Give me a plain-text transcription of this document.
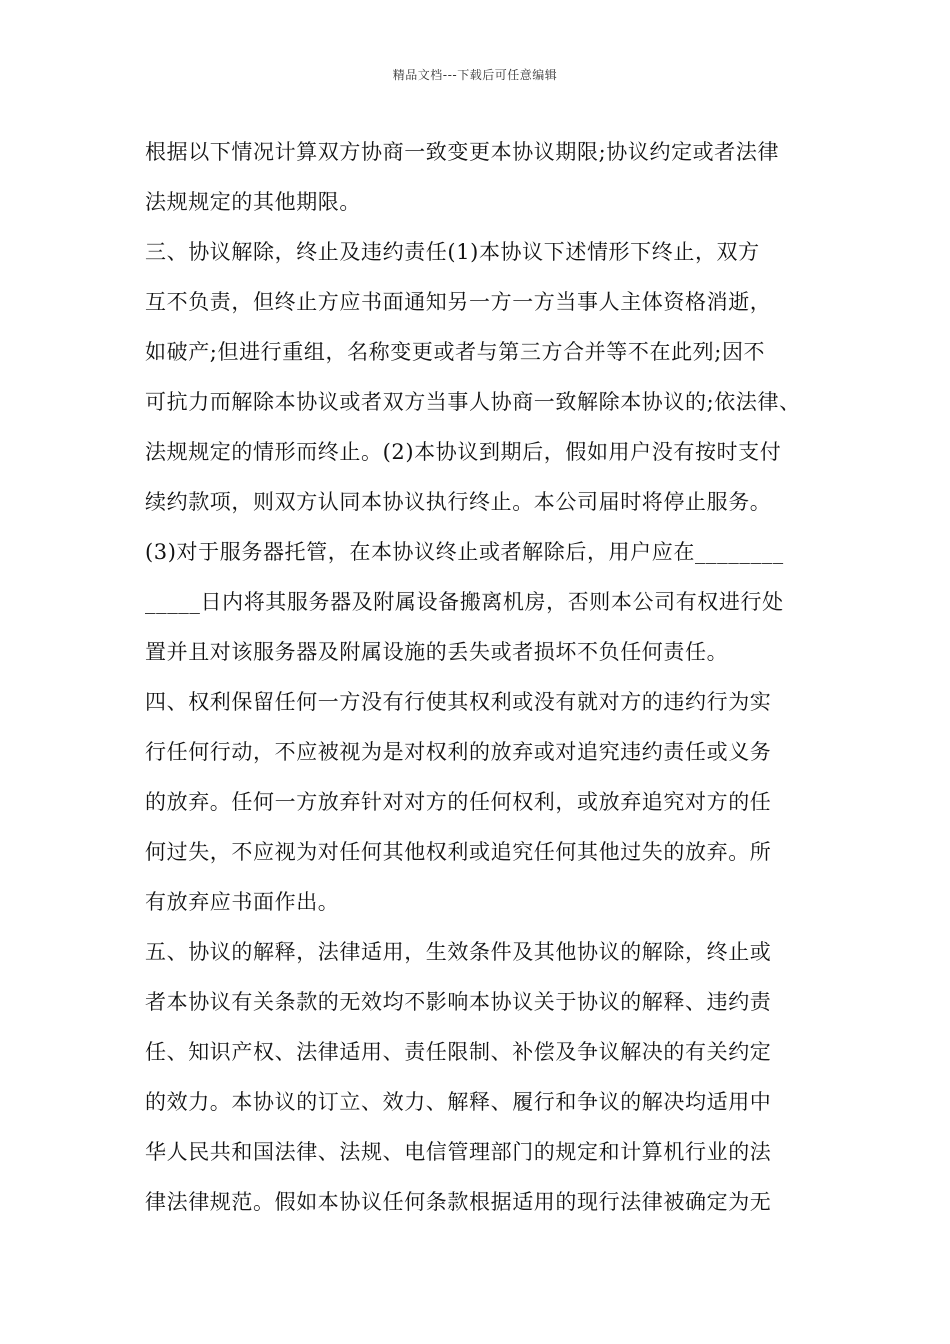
精品文档---下载后可任意编辑
根据以下情况计算双方协商一致变更本协议期限;协议约定或者法律
法规规定的其他期限。
三、协议解除，终止及违约责任(1)本协议下述情形下终止，双方
互不负责，但终止方应书面通知另一方一方当事人主体资格消逝，
如破产;但进行重组，名称变更或者与第三方合并等不在此列;因不
可抗力而解除本协议或者双方当事人协商一致解除本协议的;依法律、
法规规定的情形而终止。(2)本协议到期后，假如用户没有按时支付
续约款项，则双方认同本协议执行终止。本公司届时将停止服务。
(3)对于服务器托管，在本协议终止或者解除后，用户应在________
_____日内将其服务器及附属设备搬离机房，否则本公司有权进行处
置并且对该服务器及附属设施的丢失或者损坏不负任何责任。
四、权利保留任何一方没有行使其权利或没有就对方的违约行为实
行任何行动，不应被视为是对权利的放弃或对追究违约责任或义务
的放弃。任何一方放弃针对对方的任何权利，或放弃追究对方的任
何过失，不应视为对任何其他权利或追究任何其他过失的放弃。所
有放弃应书面作出。
五、协议的解释，法律适用，生效条件及其他协议的解除，终止或
者本协议有关条款的无效均不影响本协议关于协议的解释、违约责
任、知识产权、法律适用、责任限制、补偿及争议解决的有关约定
的效力。本协议的订立、效力、解释、履行和争议的解决均适用中
华人民共和国法律、法规、电信管理部门的规定和计算机行业的法
律法律规范。假如本协议任何条款根据适用的现行法律被确定为无
